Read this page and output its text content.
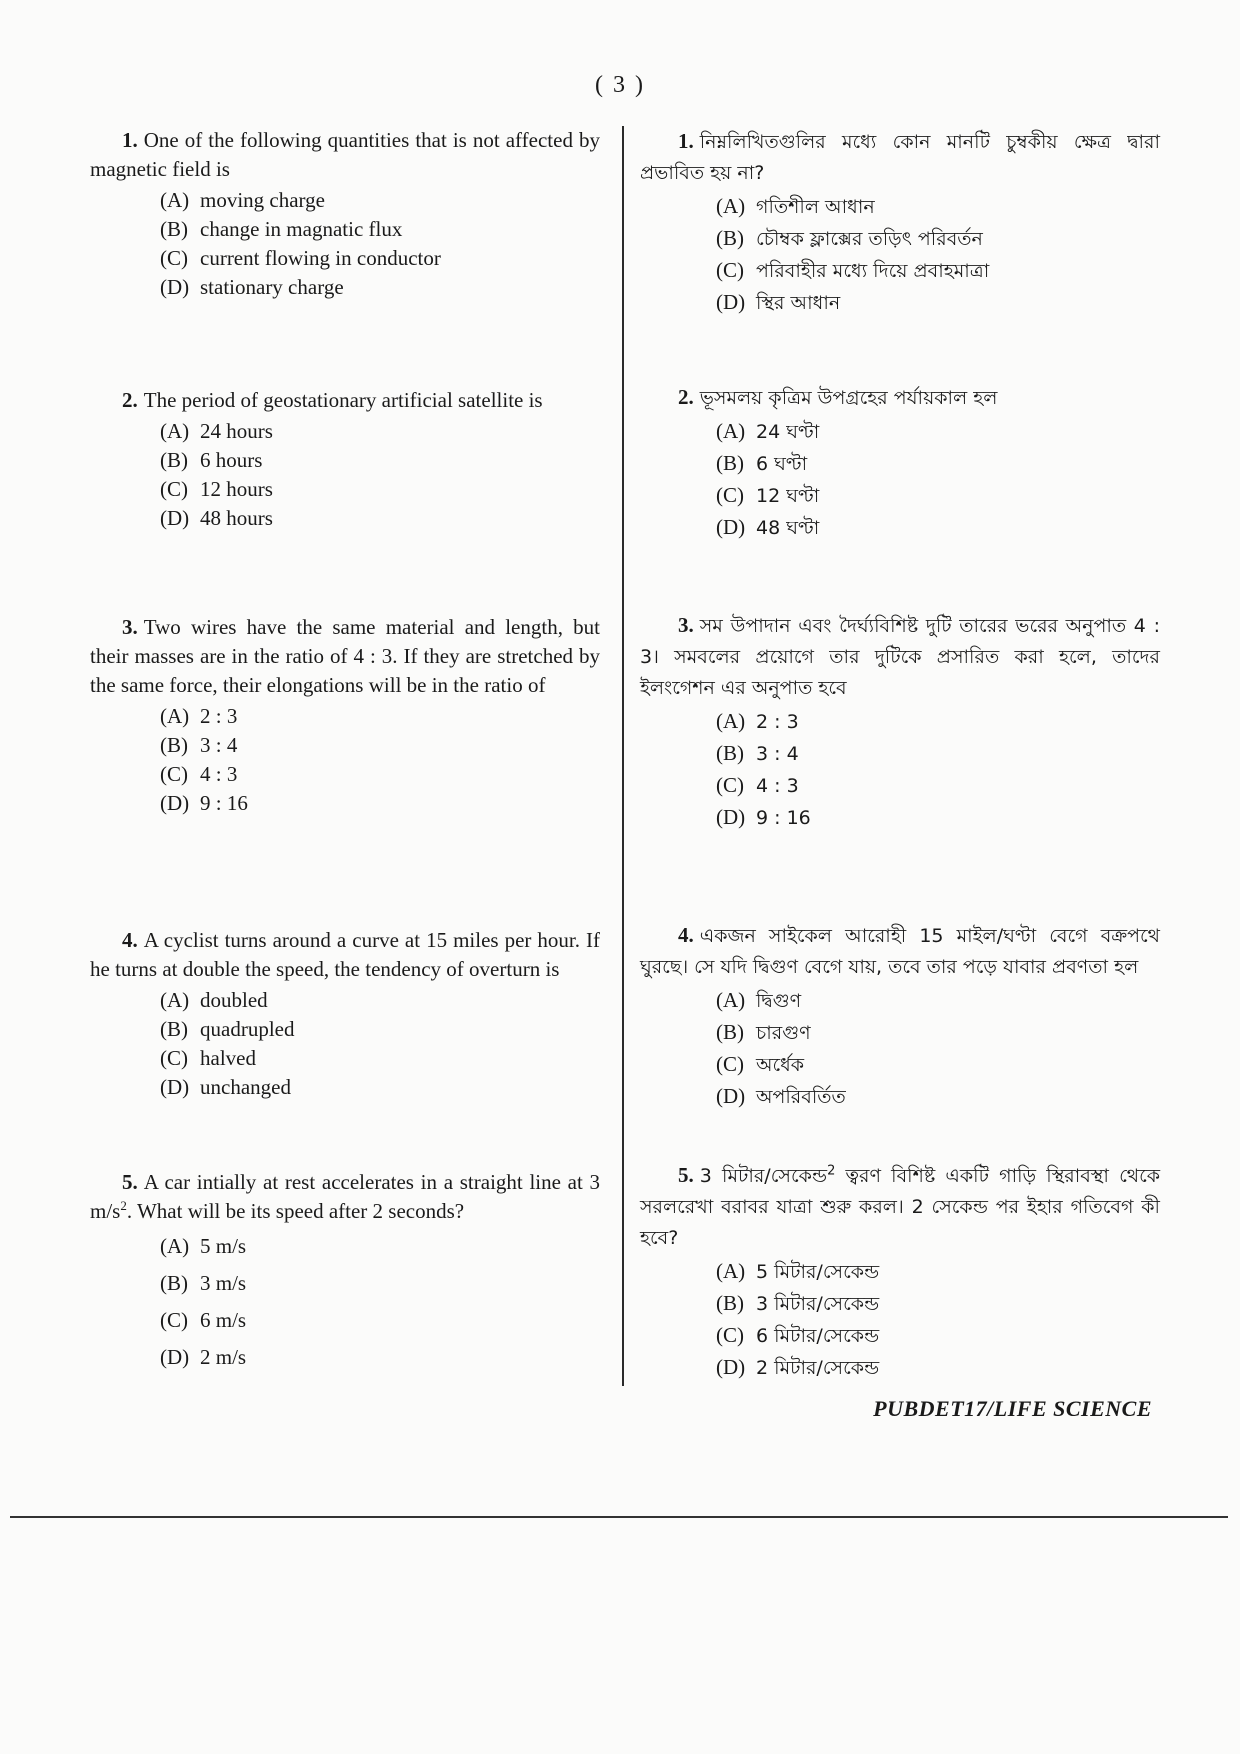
( 3 )

1. One of the following quantities that is not affected by magnetic field is

(A) moving charge
(B) change in magnatic flux
(C) current flowing in conductor
(D) stationary charge

2. The period of geostationary artificial satellite is

(A) 24 hours
(B) 6 hours
(C) 12 hours
(D) 48 hours

3. Two wires have the same material and length, but their masses are in the ratio of 4 : 3. If they are stretched by the same force, their elongations will be in the ratio of

(A) 2 : 3
(B) 3 : 4
(C) 4 : 3
(D) 9 : 16

4. A cyclist turns around a curve at 15 miles per hour. If he turns at double the speed, the tendency of overturn is

(A) doubled
(B) quadrupled
(C) halved
(D) unchanged

5. A car intially at rest accelerates in a straight line at 3 $m/s^2$. What will be its speed after 2 seconds?

(A) 5 m/s
(B) 3 m/s
(C) 6 m/s
(D) 2 m/s

1. নিম্নলিখিতগুলির মধ্যে কোন মানটি চুম্বকীয় ক্ষেত্র দ্বারা প্রভাবিত হয় না?

(A) গতিশীল আধান
(B) চৌম্বক ফ্লাক্সের তড়িৎ পরিবর্তন
(C) পরিবাহীর মধ্যে দিয়ে প্রবাহমাত্রা
(D) স্থির আধান

2. ভূসমলয় কৃত্রিম উপগ্রহের পর্যায়কাল হল

(A) 24 ঘণ্টা
(B) 6 ঘণ্টা
(C) 12 ঘণ্টা
(D) 48 ঘণ্টা

3. সম উপাদান এবং দৈর্ঘ্যবিশিষ্ট দুটি তারের ভরের অনুপাত 4 : 3। সমবলের প্রয়োগে তার দুটিকে প্রসারিত করা হলে, তাদের ইলংগেশন এর অনুপাত হবে

(A) 2 : 3
(B) 3 : 4
(C) 4 : 3
(D) 9 : 16

4. একজন সাইকেল আরোহী 15 মাইল/ঘণ্টা বেগে বক্রপথে ঘুরছে। সে যদি দ্বিগুণ বেগে যায়, তবে তার পড়ে যাবার প্রবণতা হল

(A) দ্বিগুণ
(B) চারগুণ
(C) অর্ধেক
(D) অপরিবর্তিত

5. 3 মিটার/সেকেন্ড$^2$ ত্বরণ বিশিষ্ট একটি গাড়ি স্থিরাবস্থা থেকে সরলরেখা বরাবর যাত্রা শুরু করল। 2 সেকেন্ড পর ইহার গতিবেগ কী হবে?

(A) 5 মিটার/সেকেন্ড
(B) 3 মিটার/সেকেন্ড
(C) 6 মিটার/সেকেন্ড
(D) 2 মিটার/সেকেন্ড
PUBDET17/LIFE SCIENCE
